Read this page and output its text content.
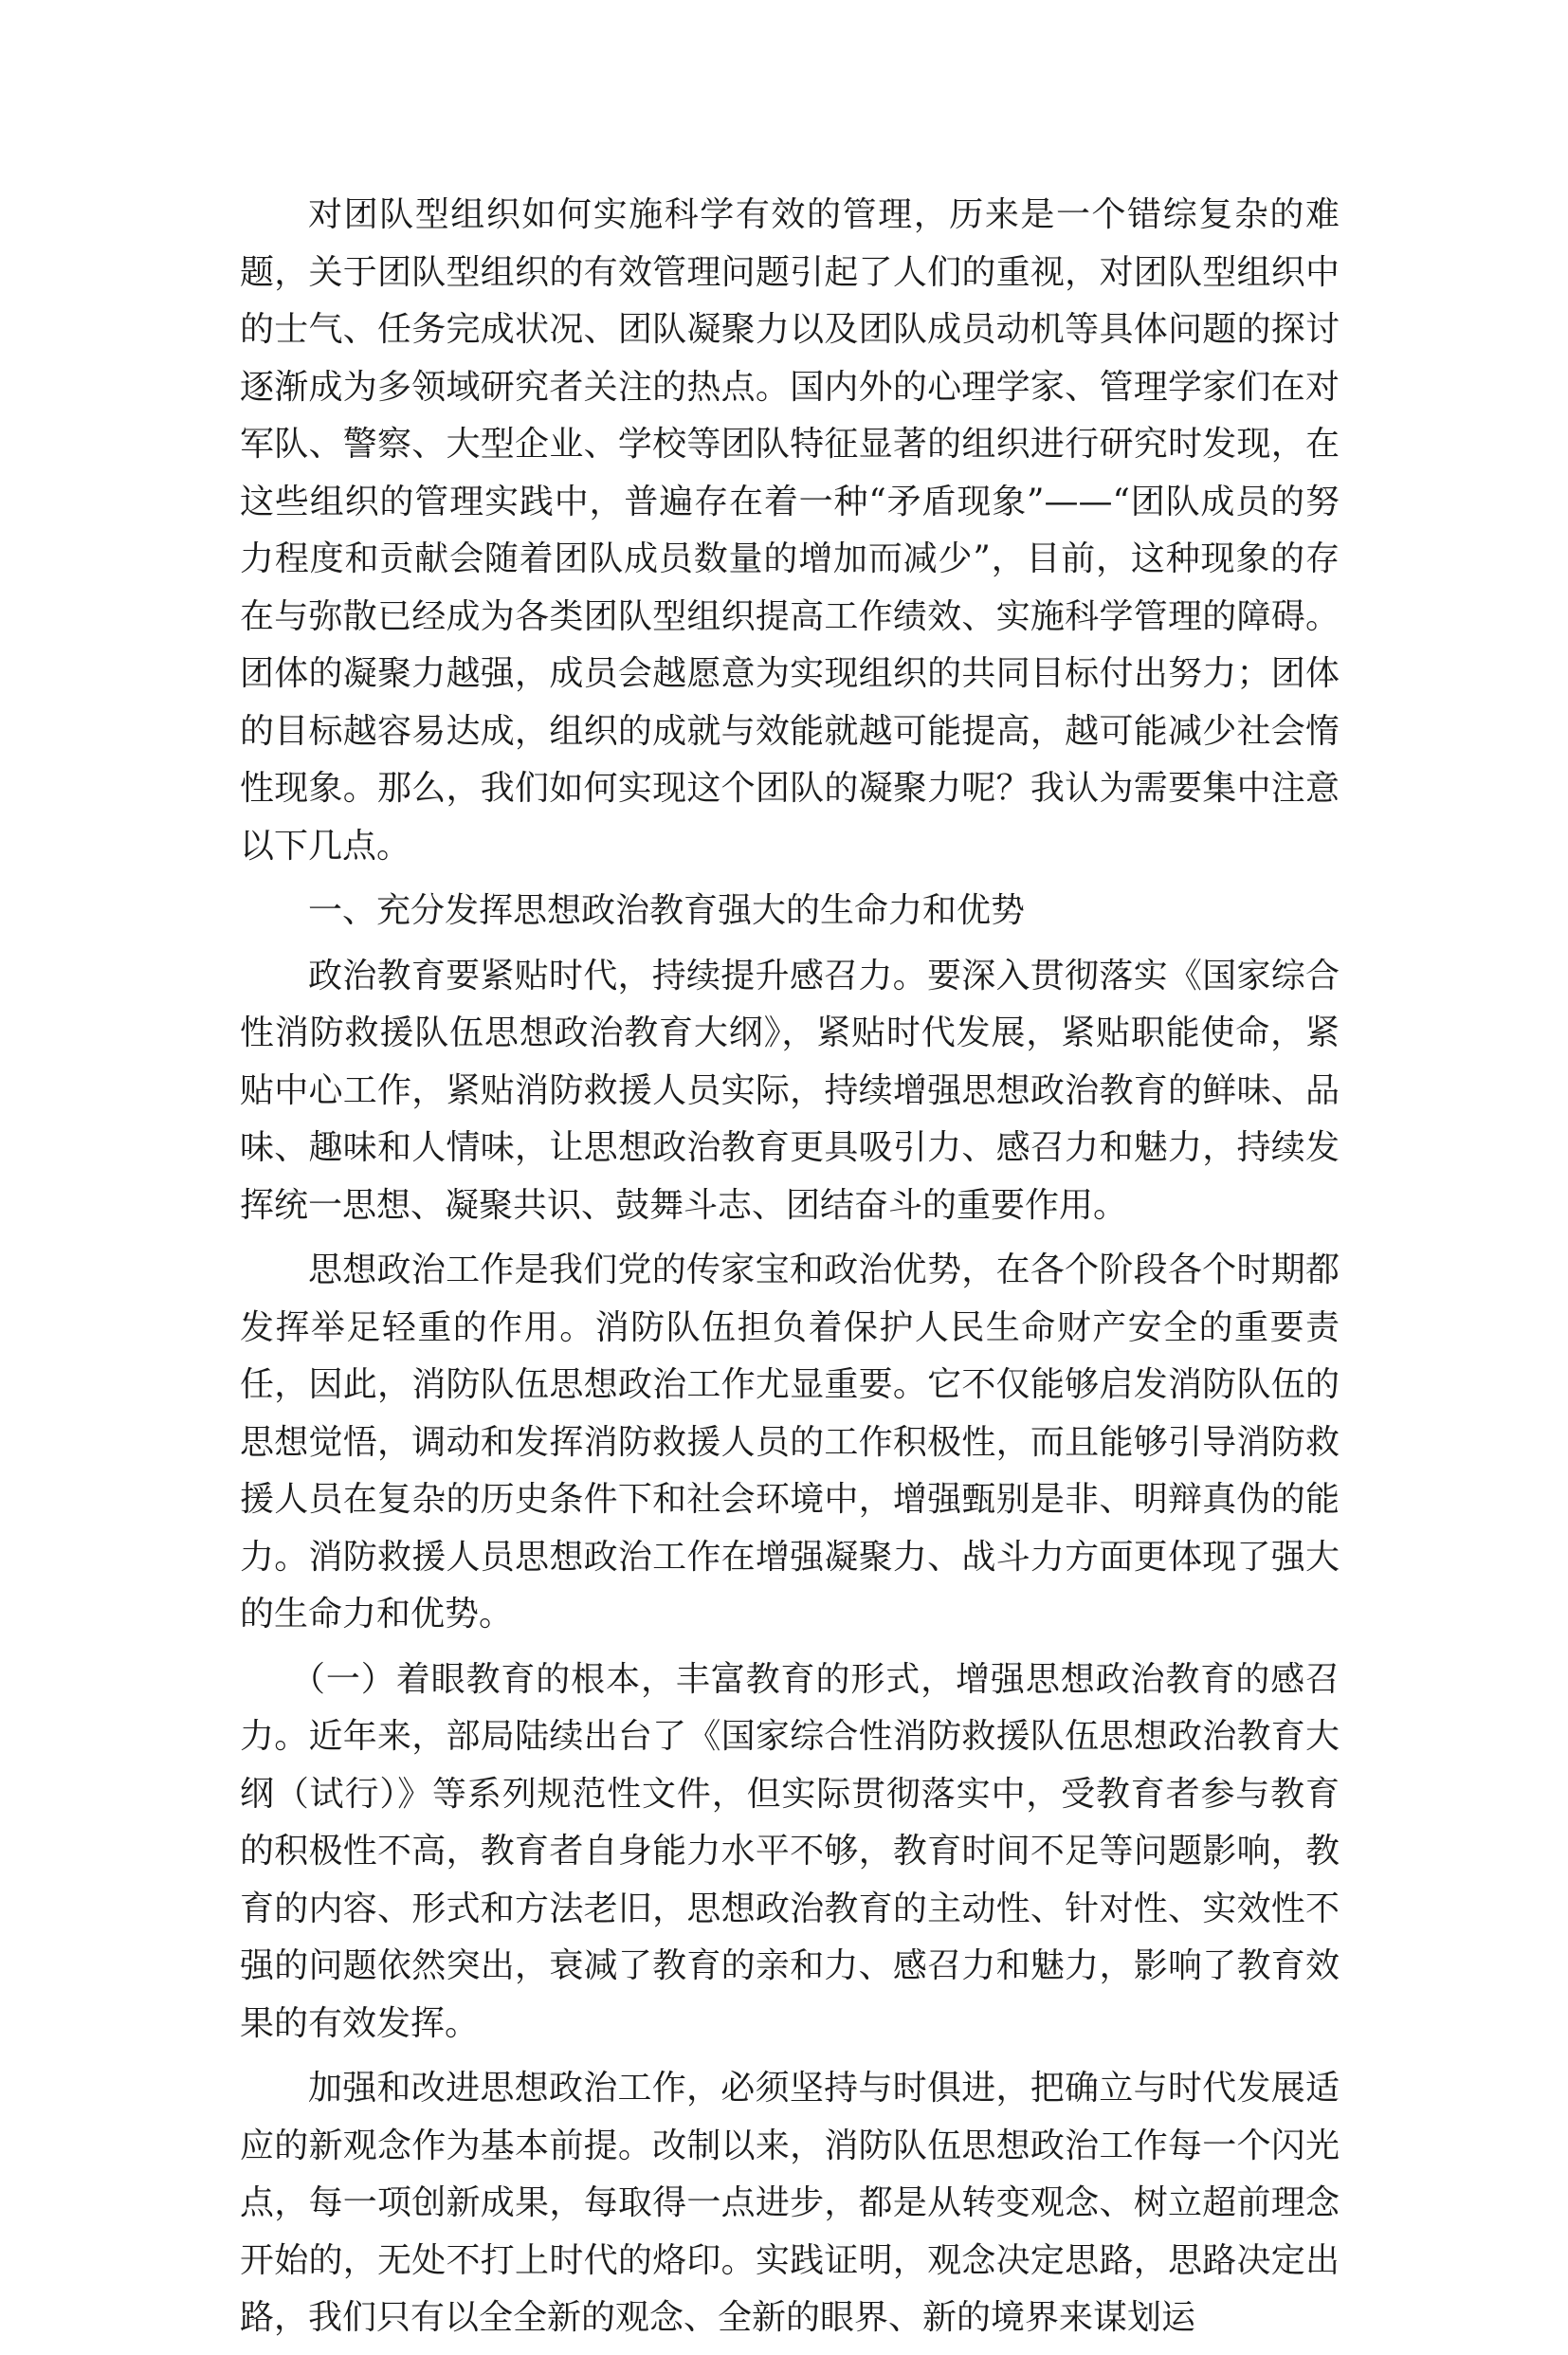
对团队型组织如何实施科学有效的管理，历来是一个错综复杂的难题，关于团队型组织的有效管理问题引起了人们的重视，对团队型组织中的士气、任务完成状况、团队凝聚力以及团队成员动机等具体问题的探讨逐渐成为多领域研究者关注的热点。国内外的心理学家、管理学家们在对军队、警察、大型企业、学校等团队特征显著的组织进行研究时发现，在这些组织的管理实践中，普遍存在着一种“矛盾现象”——“团队成员的努力程度和贡献会随着团队成员数量的增加而减少”，目前，这种现象的存在与弥散已经成为各类团队型组织提高工作绩效、实施科学管理的障碍。团体的凝聚力越强，成员会越愿意为实现组织的共同目标付出努力；团体的目标越容易达成，组织的成就与效能就越可能提高，越可能减少社会惰性现象。那么，我们如何实现这个团队的凝聚力呢？我认为需要集中注意以下几点。

一、充分发挥思想政治教育强大的生命力和优势

政治教育要紧贴时代，持续提升感召力。要深入贯彻落实《国家综合性消防救援队伍思想政治教育大纲》，紧贴时代发展，紧贴职能使命，紧贴中心工作，紧贴消防救援人员实际，持续增强思想政治教育的鲜味、品味、趣味和人情味，让思想政治教育更具吸引力、感召力和魅力，持续发挥统一思想、凝聚共识、鼓舞斗志、团结奋斗的重要作用。

思想政治工作是我们党的传家宝和政治优势，在各个阶段各个时期都发挥举足轻重的作用。消防队伍担负着保护人民生命财产安全的重要责任，因此，消防队伍思想政治工作尤显重要。它不仅能够启发消防队伍的思想觉悟，调动和发挥消防救援人员的工作积极性，而且能够引导消防救援人员在复杂的历史条件下和社会环境中，增强甄别是非、明辩真伪的能力。消防救援人员思想政治工作在增强凝聚力、战斗力方面更体现了强大的生命力和优势。

（一）着眼教育的根本，丰富教育的形式，增强思想政治教育的感召力。近年来，部局陆续出台了《国家综合性消防救援队伍思想政治教育大纲（试行）》等系列规范性文件，但实际贯彻落实中，受教育者参与教育的积极性不高，教育者自身能力水平不够，教育时间不足等问题影响，教育的内容、形式和方法老旧，思想政治教育的主动性、针对性、实效性不强的问题依然突出，衰减了教育的亲和力、感召力和魅力，影响了教育效果的有效发挥。

加强和改进思想政治工作，必须坚持与时俱进，把确立与时代发展适应的新观念作为基本前提。改制以来，消防队伍思想政治工作每一个闪光点，每一项创新成果，每取得一点进步，都是从转变观念、树立超前理念开始的，无处不打上时代的烙印。实践证明，观念决定思路，思路决定出路，我们只有以全全新的观念、全新的眼界、新的境界来谋划运
